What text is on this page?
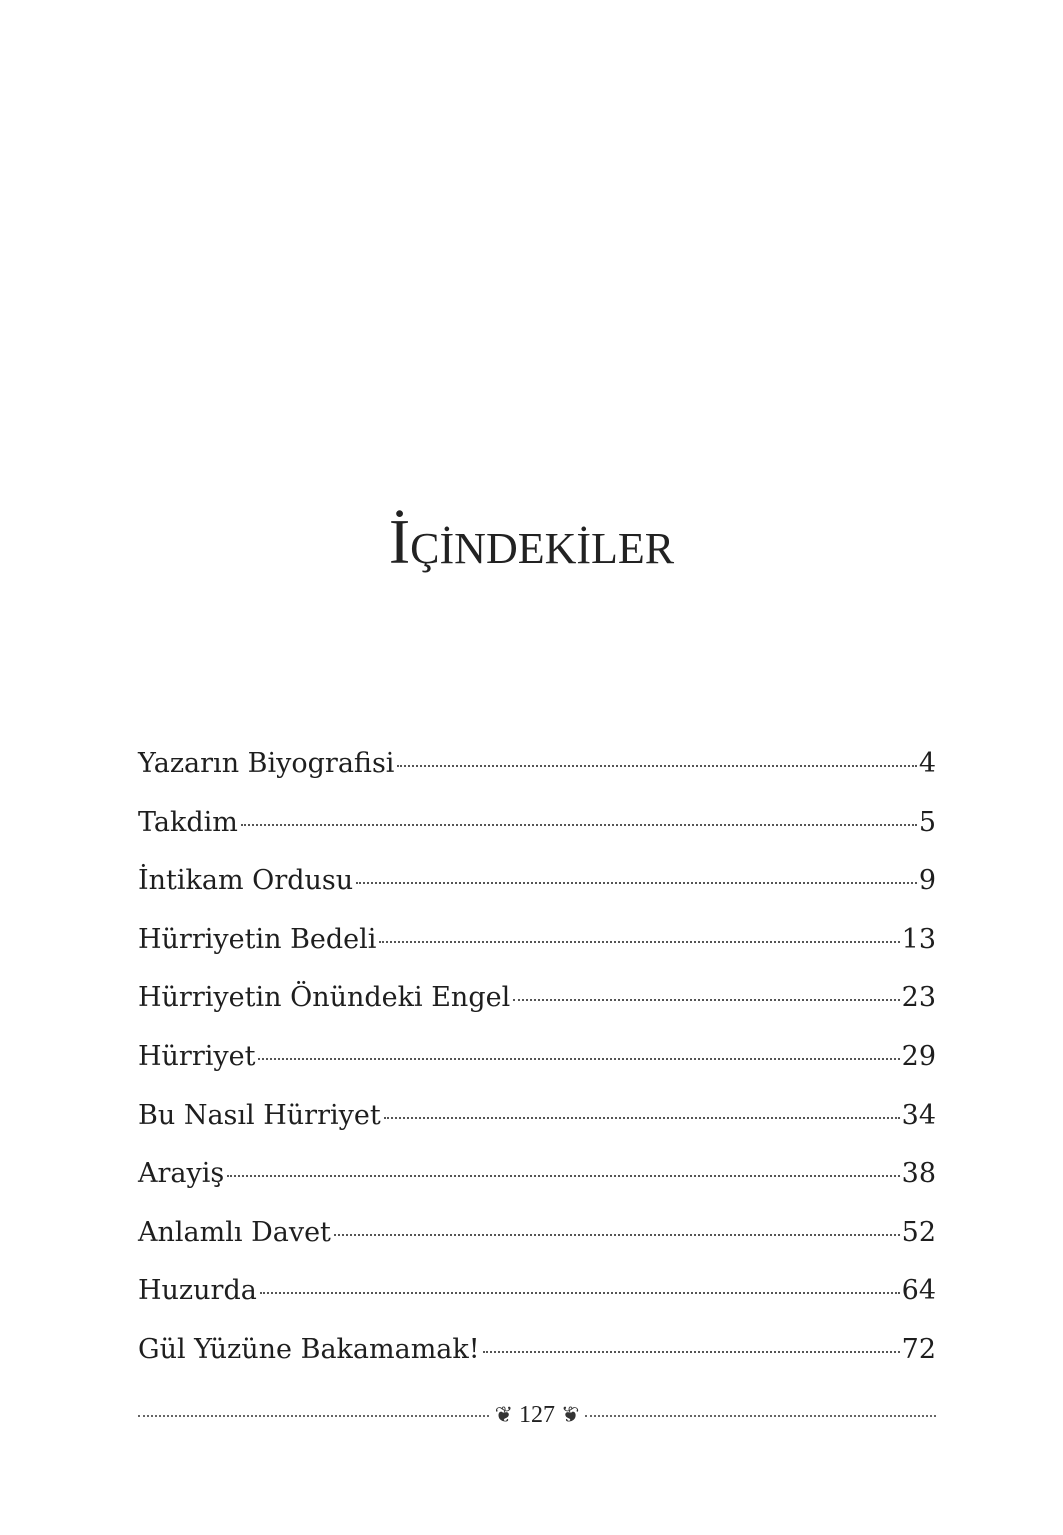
İÇİNDEKİLER
Yazarın Biyografisi	4
Takdim	5
İntikam Ordusu	9
Hürriyetin Bedeli	13
Hürriyetin Önündeki Engel	23
Hürriyet	29
Bu Nasıl Hürriyet	34
Arayiş	38
Anlamlı Davet	52
Huzurda	64
Gül Yüzüne Bakamamak!	72
❦ 127 ❦
